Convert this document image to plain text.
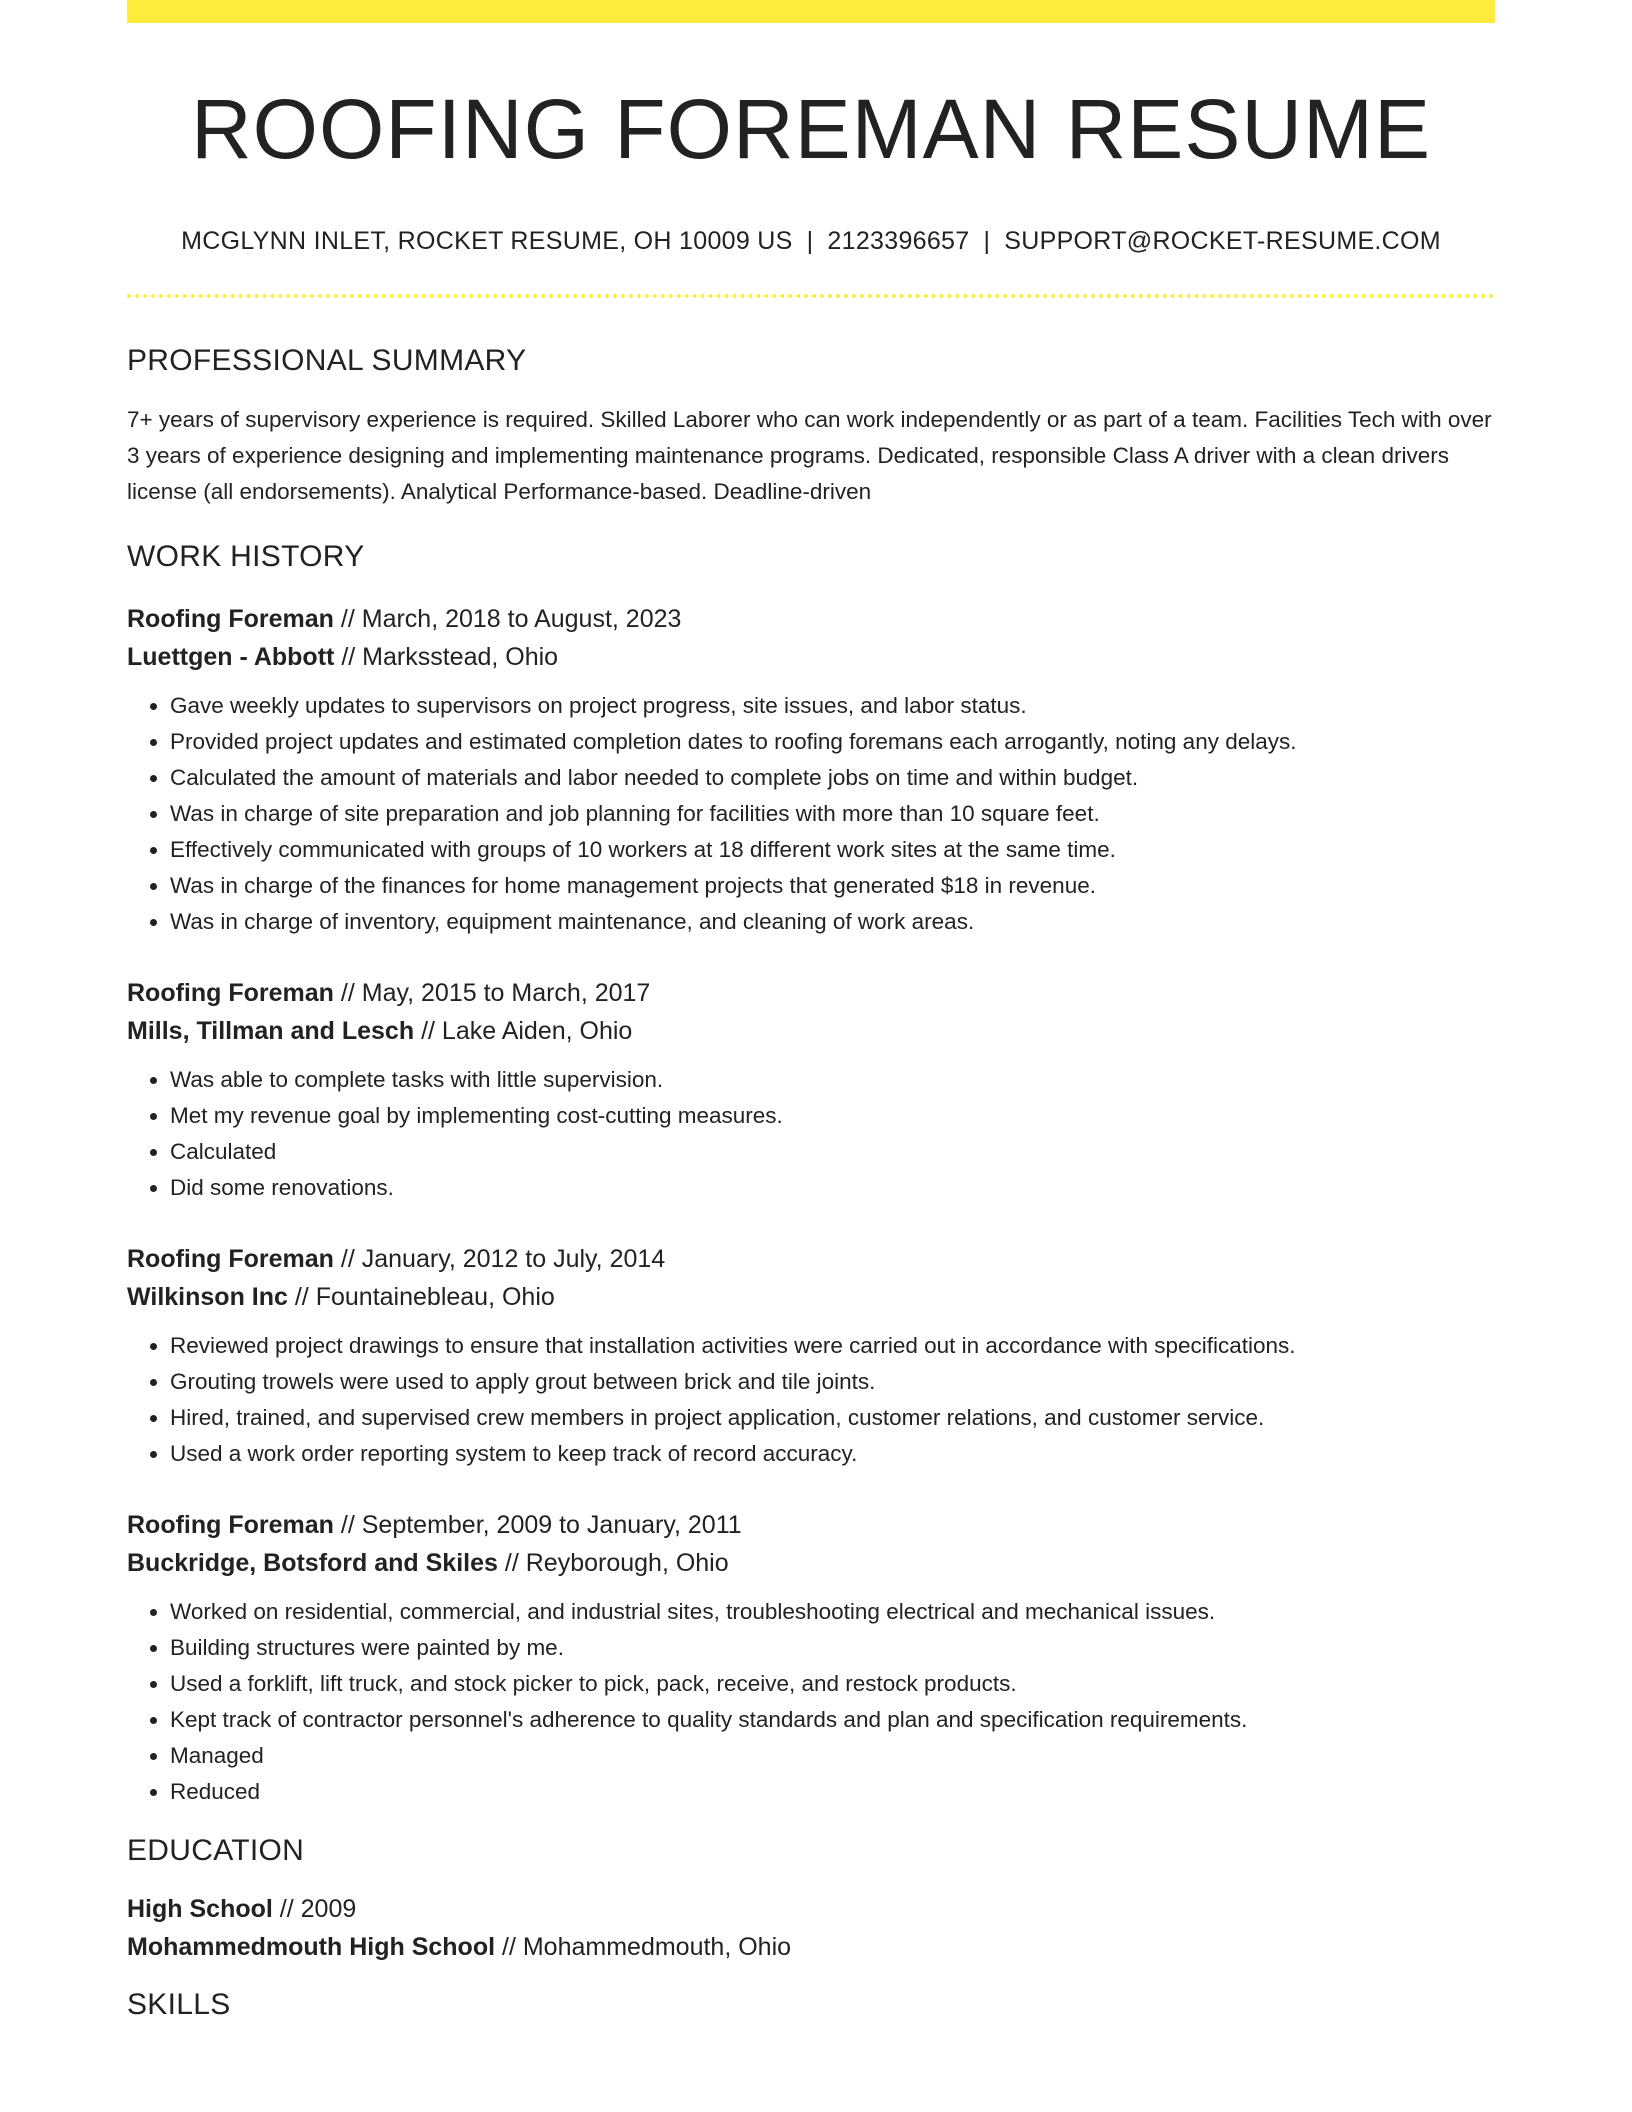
ROOFING FOREMAN RESUME
MCGLYNN INLET, ROCKET RESUME, OH 10009 US | 2123396657 | SUPPORT@ROCKET-RESUME.COM
PROFESSIONAL SUMMARY

7+ years of supervisory experience is required. Skilled Laborer who can work independently or as part of a team. Facilities Tech with over 3 years of experience designing and implementing maintenance programs. Dedicated, responsible Class A driver with a clean drivers license (all endorsements). Analytical Performance-based. Deadline-driven

WORK HISTORY
Roofing Foreman // March, 2018 to August, 2023
Luettgen - Abbott // Marksstead, Ohio
• Gave weekly updates to supervisors on project progress, site issues, and labor status.
• Provided project updates and estimated completion dates to roofing foremans each arrogantly, noting any delays.
• Calculated the amount of materials and labor needed to complete jobs on time and within budget.
• Was in charge of site preparation and job planning for facilities with more than 10 square feet.
• Effectively communicated with groups of 10 workers at 18 different work sites at the same time.
• Was in charge of the finances for home management projects that generated $18 in revenue.
• Was in charge of inventory, equipment maintenance, and cleaning of work areas.
Roofing Foreman // May, 2015 to March, 2017
Mills, Tillman and Lesch // Lake Aiden, Ohio
• Was able to complete tasks with little supervision.
• Met my revenue goal by implementing cost-cutting measures.
• Calculated
• Did some renovations.
Roofing Foreman // January, 2012 to July, 2014
Wilkinson Inc // Fountainebleau, Ohio
• Reviewed project drawings to ensure that installation activities were carried out in accordance with specifications.
• Grouting trowels were used to apply grout between brick and tile joints.
• Hired, trained, and supervised crew members in project application, customer relations, and customer service.
• Used a work order reporting system to keep track of record accuracy.
Roofing Foreman // September, 2009 to January, 2011
Buckridge, Botsford and Skiles // Reyborough, Ohio
• Worked on residential, commercial, and industrial sites, troubleshooting electrical and mechanical issues.
• Building structures were painted by me.
• Used a forklift, lift truck, and stock picker to pick, pack, receive, and restock products.
• Kept track of contractor personnel's adherence to quality standards and plan and specification requirements.
• Managed
• Reduced
EDUCATION
High School // 2009
Mohammedmouth High School // Mohammedmouth, Ohio
SKILLS
